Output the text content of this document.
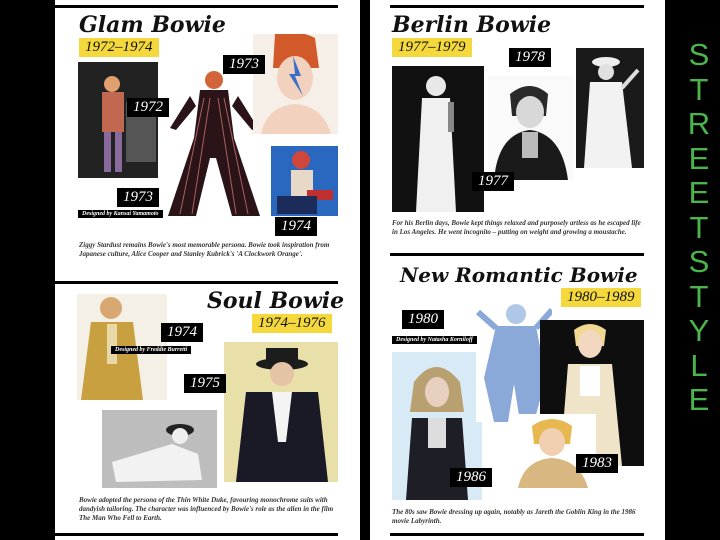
Glam Bowie
1972–1974
1973
1972
1973
1974
Designed by Kansai Yamamoto
Ziggy Stardust remains Bowie's most memorable persona. Bowie took inspiration from Japanese culture, Alice Cooper and Stanley Kubrick's 'A Clockwork Orange'.
Soul Bowie
1974–1976
1974
1975
Designed by Freddie Burretti
Bowie adopted the persona of the Thin White Duke, favouring monochrome suits with dandyish tailoring. The character was influenced by Bowie's role as the alien in the film The Man Who Fell to Earth.
Berlin Bowie
1977–1979
1978
1977
For his Berlin days, Bowie kept things relaxed and purposely artless as he escaped life in Los Angeles. He went incognito – putting on weight and growing a moustache.
New Romantic Bowie
1980–1989
1980
1986
1983
Designed by Natasha Korniloff
The 80s saw Bowie dressing up again, notably as Jareth the Goblin King in the 1986 movie Labyrinth.
S
T
R
E
E
T
S
T
Y
L
E
